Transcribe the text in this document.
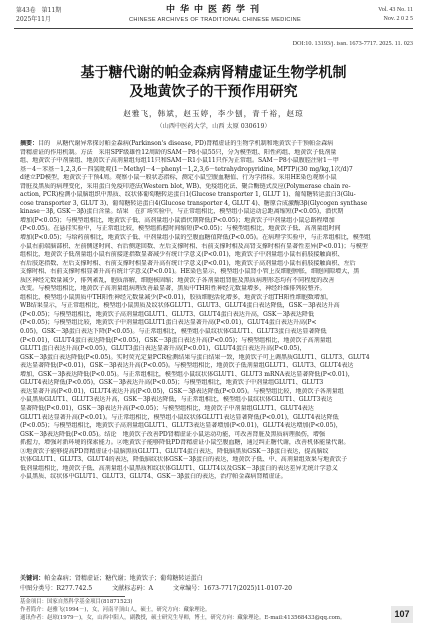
第43卷　第11期
2025年11月
中华中医药学刊
CHINESE ARCHIVES OF TRADITIONAL CHINESE MEDICINE
Vol. 43 No. 11
Nov. 2 0 2 5
DOI:10. 13193/j. issn. 1673-7717. 2025. 11. 023
基于糖代谢的帕金森病肾精虚证生物学机制
及地黄饮子的干预作用研究
赵雅飞，韩斌，赵玉婷，李少刨，青千裕，赵琼
（山西中医药大学，山西 太原 030619）

摘要：目的　从糖代谢异常探讨帕金森病(Parkinson's disease, PD)肾精虚证的生物学机制和地黄饮子干预帕金森病

肾精虚证的作用机制。方法　采用SPF级雄性12周龄的SAM－P8小鼠55只，分为模型组、阳性药组、地黄饮子低剂量

组、地黄饮子中剂量组、地黄饮子高剂量组每组11只和SAM－R1小鼠11只作为正常组。SAM－P8小鼠腹腔注射1－甲

基－4－苯基－1,2,3,6－四氢吡啶(1－Methyl－4－phenyl－1,2,3,6－tetrahydropyridine, MPTP)(30 mg/kg,1次/d)7

d建立PD模型，地黄饮子干预4周。观察小鼠一般状态指标，测定小鼠空腹血糖值、行为学指标。采用HE染色观察小鼠

肾脏及黑质的病理变化，采用蛋白免疫印迹法(Western blot, WB)、免疫组化法、聚合酶链式反应(Polymerase chain re-

action, PCR)检测小鼠脑组织中黑质、纹状体葡萄糖转运蛋白1(Glucose transporter 1, GLUT 1)、葡萄糖转运蛋白3(Glu-

cose transporter 3, GLUT 3)、葡萄糖转运蛋白4(Glucose transporter 4, GLUT 4)、糖原合成激酶3β(Glycogen synthase

kinase－3β, GSK－3β)蛋白含量。结果　在扩场实验中，与正常组相比，模型组小鼠运动总距离缩短(P<0.05)，潜伏期

增加(P<0.05)；与模型组相比，地黄饮子低、高剂量组小鼠潜伏期降低(P<0.05)；地黄饮子中剂量组小鼠总路程增加

(P<0.05)。在悬挂实验中，与正常组比较，模型组抓握时间缩短(P<0.05)；与模型组相比，地黄饮子低、高剂量组时间

增加(P<0.05)；与给药前相比，地黄饮子低、中剂量组小鼠的空腹血糖值降低(P<0.05)。在病理学实验中，与正常组相比，模型组

小鼠右前端脑部积、左前侧迷时间、右后侧迷回数、左后支撑时相、右前支撑时相及高肾支撑时相有显著性差异(P<0.01)；与模型

组相比，地黄饮子低剂量组小鼠右前接迷指数显著减少有统计学意义(P<0.01)，地黄饮子中剂量组小鼠右前肢接触面积、

右后肢迷指数、左后支撑时相、右前支撑时相显著升高有统计学意义(P<0.01)，地黄饮子高剂量组小鼠右前肢接触面积、左后

支撑时相、右前支撑时相显著升高有统计学意义(P<0.01)。HE染色显示，模型组小鼠肾小管上皮细胞肿胀，细胞间隙增大，黑

质区神经元数量减少，排列紊乱，胞质溶解，细胞核固缩；地黄饮子各剂量组肾脏及黑质病理形态均有不同程度的改善

改变。与模型组相比，地黄饮子高剂量组病理改善最显著，黑质中TH阳性神经元数量增多，神经纤维排列较整齐。

组相比，模型组小鼠黑质中TH阳性神经元数量减少(P<0.01)，胶质细胞活化增多，地黄饮子组TH阳性细胞数增加，

WB结果显示，与正常组相比，模型组小鼠黑质及纹状体GLUT1、GLUT3、GLUT4蛋白表达降低，GSK－3β表达升高

(P<0.05)；与模型组相比，地黄饮子高剂量组GLUT1、GLUT3、GLUT4蛋白表达升高，GSK－3β表达降低

(P<0.05)；与模型组比较，地黄饮子中剂量组GLUT1蛋白表达显著升高(P<0.01)，GLUT4蛋白表达升高(P<

0.05)，GSK－3β蛋白表达下降(P<0.05)。与正常组相比，模型组小鼠纹状体GLUT1、GLUT3蛋白表达显著降低

(P<0.01)，GLUT4蛋白表达降低(P<0.05)，GSK－3β蛋白表达升高(P<0.05)；与模型组相比，地黄饮子高剂量组

GLUT1蛋白表达升高(P<0.05)，GLUT3蛋白表达显著升高(P<0.01)，GLUT4蛋白表达升高(P<0.05)，

GSK－3β蛋白表达降低(P<0.05)。实时荧光定量PCR检测结果与蛋白结果一致，地黄饮子可上调黑质GLUT1、GLUT3、GLUT4

表达显著降低(P<0.01)，GSK－3β表达升高(P<0.05)。与模型组相比，地黄饮子低剂量组GLUT1、GLUT3、GLUT4表达

增加，GSK－3β表达降低(P<0.05)。与正常组相比，模型组小鼠纹状体GLUT1、GLUT3 mRNA表达显著降低(P<0.01)，

GLUT4表达降低(P<0.05)，GSK－3β表达升高(P<0.05)；与模型组相比，地黄饮子中剂量组GLUT1、GLUT3

表达显著升高(P<0.01)，GLUT4表达升高(P<0.05)，GSK－3β表达降低(P<0.05)。与模型组比较，地黄饮子各剂量组

小鼠黑质GLUT1、GLUT3表达升高，GSK－3β表达降低，与正常组相比，模型组小鼠纹状体GLUT1、GLUT3表达

显著降低(P<0.01)，GSK－3β表达升高(P<0.05)；与模型组相比，地黄饮子中剂量组GLUT1、GLUT4表达

GLUT1表达显著升高(P<0.01)。与正常组相比，模型组小鼠纹状体GLUT1表达显著降低(P<0.01)，GLUT4表达降低

(P<0.05)；与模型组相比，地黄饮子高剂量组GLUT1、GLUT3表达显著增加(P<0.01)，GLUT4表达增加(P<0.05)，

GSK－3β表达降低(P<0.05)。结论　地黄饮子改善PD肾精虚证小鼠运动功能，可改善肾脏及黑质病理损伤，增强

抓握力，增强对新环境的探索能力。②地黄饮子能够降低PD肾精虚证小鼠空腹血糖，通过纠正糖代谢，改善机体能量代谢。

③地黄饮子能够提高PD肾精虚证小鼠脑黑质GLUT1、GLUT4蛋白表达，降低脑黑质GSK－3β蛋白表达，提高脑纹

状体GLUT1、GLUT3、GLUT4的表达，降低脑纹状体GSK－3β蛋白的表达，地黄饮子低、中、高剂量组效果与地黄饮子

低剂量组相比，地黄饮子低、高剂量组小鼠黑质和纹状体GLUT1、GLUT4以及GSK－3β蛋白的表达差异无统计学意义

小鼠黑质、纹状体中GLUT1、GLUT3、GLUT4、GSK－3β蛋白的表达，治疗帕金森病肾精虚证。

关键词：帕金森病；肾精虚证；糖代谢；地黄饮子；葡萄糖转运蛋白
中图分类号：R277.742.5	文献标志码：A	文章编号：1673-7717(2025)11-0107-20
基金项目：国家自然科学基金项目(81871523)
作者简介：赵雅飞(1994－)，女，河南平顶山人，硕士，研究方向：藏象理论。
通讯作者：赵琼(1979－)，女，山西中阳人，副教授，硕士研究生导师，博士，研究方向：藏象理论。E-mail:413568433@qq.com。	107
